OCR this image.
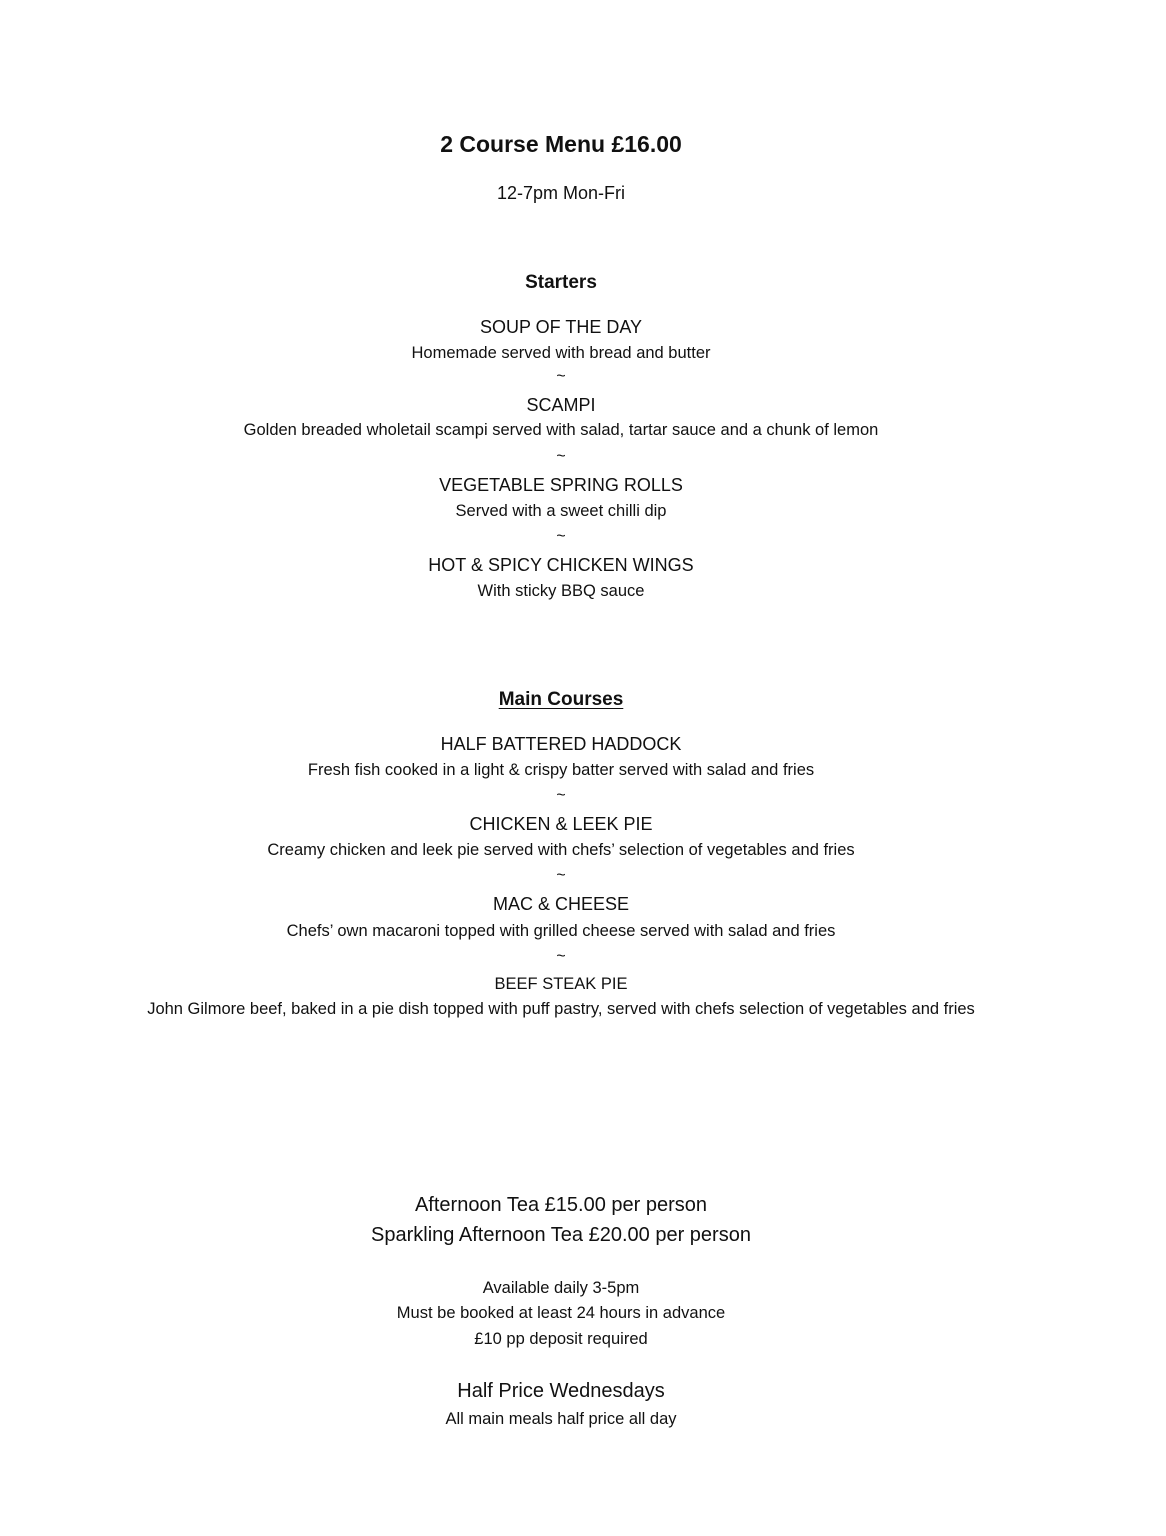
2 Course Menu £16.00
12-7pm Mon-Fri
Starters
SOUP OF THE DAY
Homemade served with bread and butter
~
SCAMPI
Golden breaded wholetail scampi served with salad, tartar sauce and a chunk of lemon
~
VEGETABLE SPRING ROLLS
Served with a sweet chilli dip
~
HOT & SPICY CHICKEN WINGS
With sticky BBQ sauce
Main Courses
HALF BATTERED HADDOCK
Fresh fish cooked in a light & crispy batter served with salad and fries
~
CHICKEN & LEEK PIE
Creamy chicken and leek pie served with chefs’ selection of vegetables and fries
~
MAC & CHEESE
Chefs’ own macaroni topped with grilled cheese served with salad and fries
~
BEEF STEAK PIE
John Gilmore beef, baked in a pie dish topped with puff pastry, served with chefs selection of vegetables and fries
Afternoon Tea £15.00 per person
Sparkling Afternoon Tea £20.00 per person
Available daily 3-5pm
Must be booked at least 24 hours in advance
£10 pp deposit required
Half Price Wednesdays
All main meals half price all day
